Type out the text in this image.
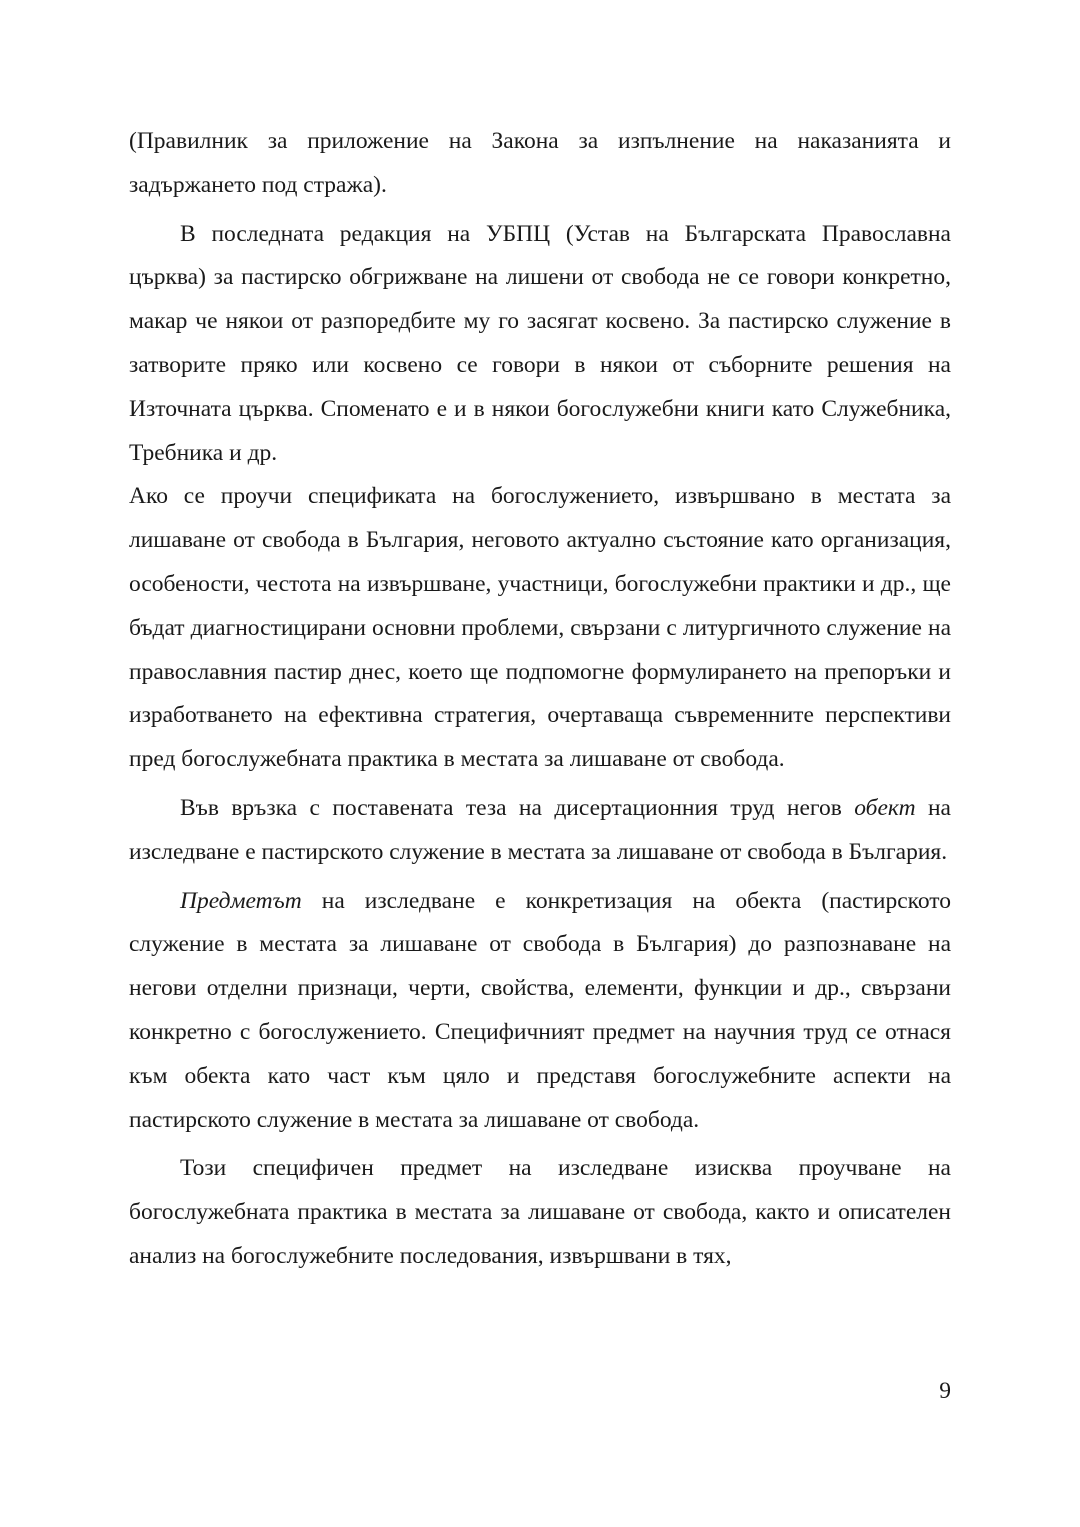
(Правилник за приложение на Закона за изпълнение на наказанията и задържането под стража).

В последната редакция на УБПЦ (Устав на Българската Православна църква) за пастирско обгрижване на лишени от свобода не се говори конкретно, макар че някои от разпоредбите му го засягат косвено. За пастирско служение в затворите пряко или косвено се говори в някои от съборните решения на Източната църква. Споменато е и в някои богослужебни книги като Служебника, Требника и др.

Ако се проучи спецификата на богослужението, извършвано в местата за лишаване от свобода в България, неговото актуално състояние като организация, особености, честота на извършване, участници, богослужебни практики и др., ще бъдат диагностицирани основни проблеми, свързани с литургичното служение на православния пастир днес, което ще подпомогне формулирането на препоръки и изработването на ефективна стратегия, очертаваща съвременните перспективи пред богослужебната практика в местата за лишаване от свобода.

Във връзка с поставената теза на дисертационния труд негов обект на изследване е пастирското служение в местата за лишаване от свобода в България.

Предметът на изследване е конкретизация на обекта (пастирското служение в местата за лишаване от свобода в България) до разпознаване на негови отделни признаци, черти, свойства, елементи, функции и др., свързани конкретно с богослужението. Специфичният предмет на научния труд се отнася към обекта като част към цяло и представя богослужебните аспекти на пастирското служение в местата за лишаване от свобода.

Този специфичен предмет на изследване изисква проучване на богослужебната практика в местата за лишаване от свобода, както и описателен анализ на богослужебните последования, извършвани в тях,

9
